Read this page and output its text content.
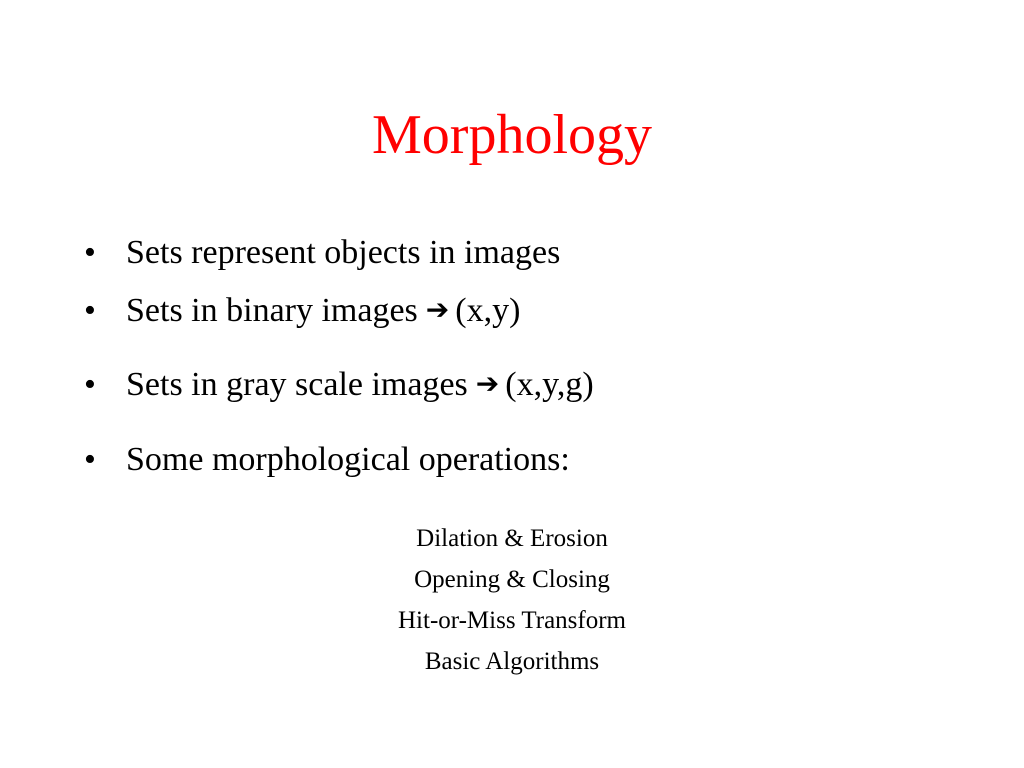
Morphology
• Sets represent objects in images
• Sets in binary images ➔ (x,y)
• Sets in gray scale images ➔ (x,y,g)
• Some morphological operations:
Dilation & Erosion
Opening & Closing
Hit-or-Miss Transform
Basic Algorithms
